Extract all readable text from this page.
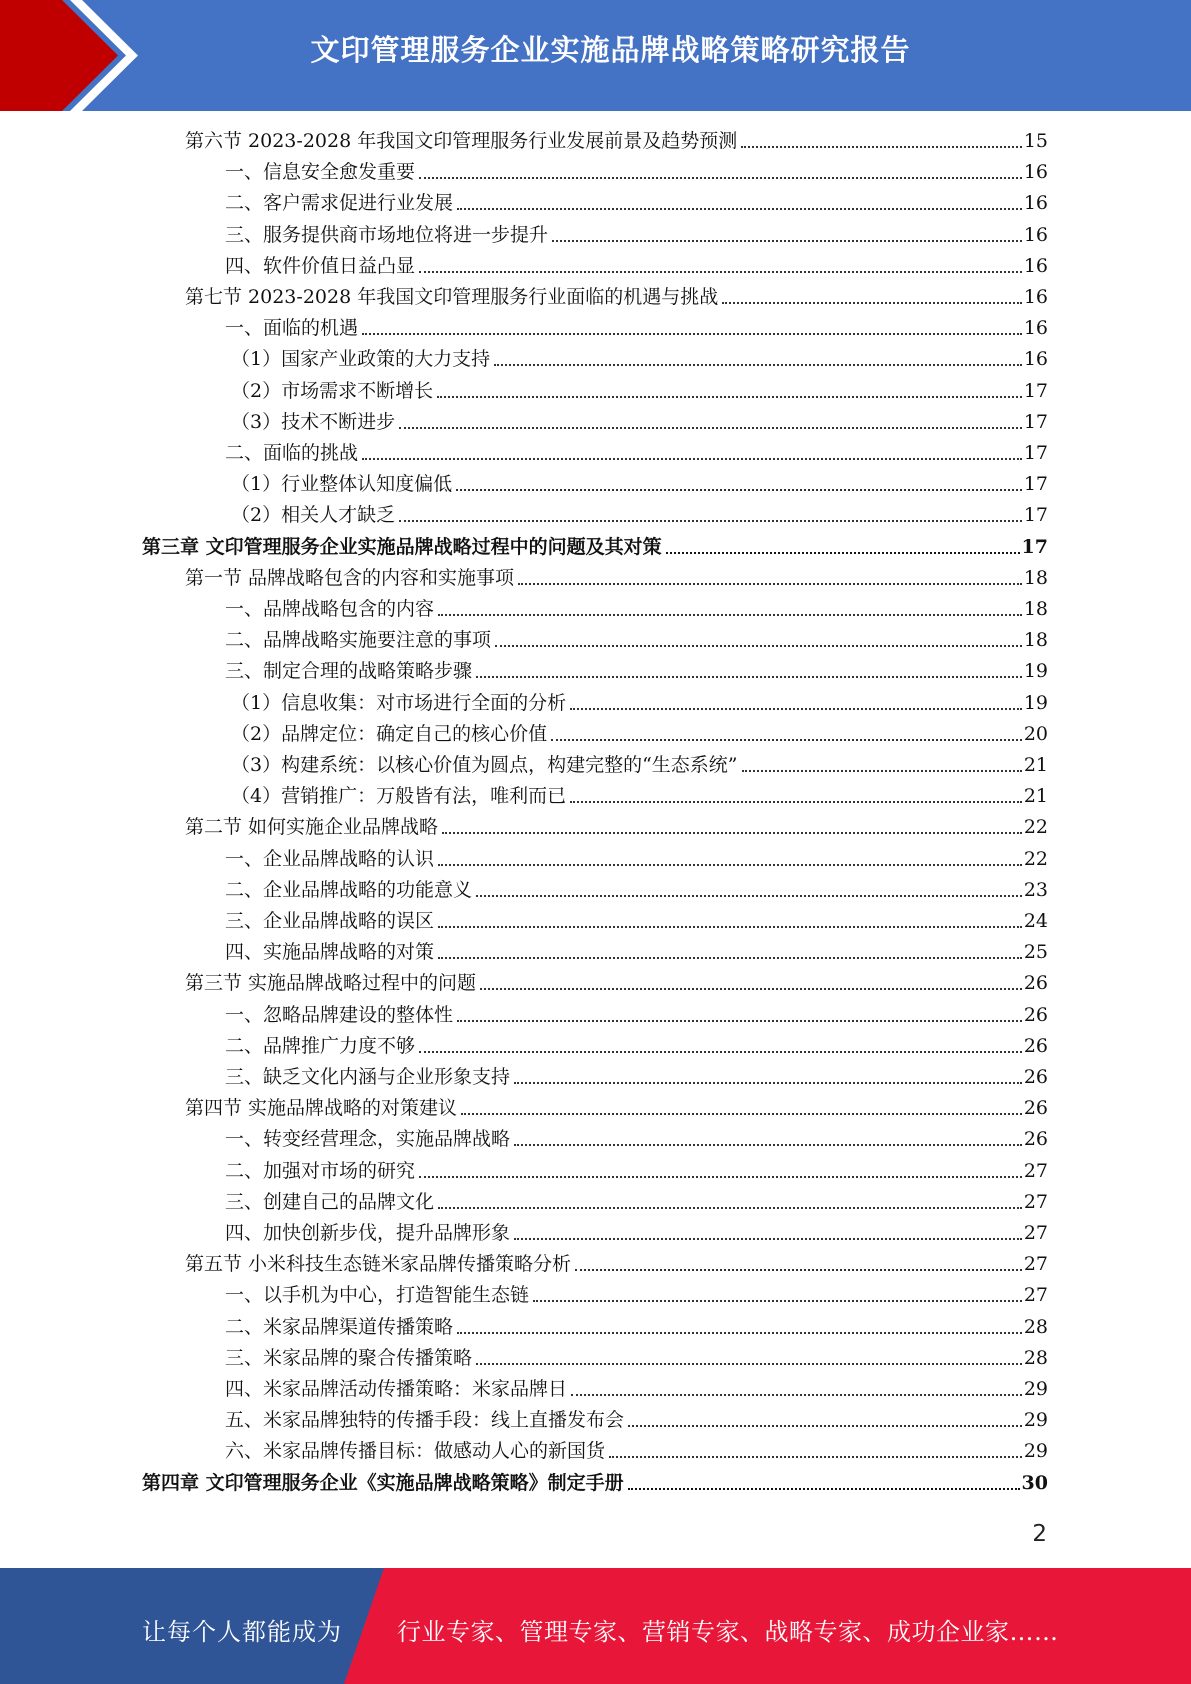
文印管理服务企业实施品牌战略策略研究报告
第六节 2023-2028 年我国文印管理服务行业发展前景及趋势预测	15
一、信息安全愈发重要	16
二、客户需求促进行业发展	16
三、服务提供商市场地位将进一步提升	16
四、软件价值日益凸显	16
第七节 2023-2028 年我国文印管理服务行业面临的机遇与挑战	16
一、面临的机遇	16
（1）国家产业政策的大力支持	16
（2）市场需求不断增长	17
（3）技术不断进步	17
二、面临的挑战	17
（1）行业整体认知度偏低	17
（2）相关人才缺乏	17
第三章 文印管理服务企业实施品牌战略过程中的问题及其对策	17
第一节 品牌战略包含的内容和实施事项	18
一、品牌战略包含的内容	18
二、品牌战略实施要注意的事项	18
三、制定合理的战略策略步骤	19
（1）信息收集：对市场进行全面的分析	19
（2）品牌定位：确定自己的核心价值	20
（3）构建系统：以核心价值为圆点，构建完整的“生态系统”	21
（4）营销推广：万般皆有法，唯利而已	21
第二节 如何实施企业品牌战略	22
一、企业品牌战略的认识	22
二、企业品牌战略的功能意义	23
三、企业品牌战略的误区	24
四、实施品牌战略的对策	25
第三节 实施品牌战略过程中的问题	26
一、忽略品牌建设的整体性	26
二、品牌推广力度不够	26
三、缺乏文化内涵与企业形象支持	26
第四节 实施品牌战略的对策建议	26
一、转变经营理念，实施品牌战略	26
二、加强对市场的研究	27
三、创建自己的品牌文化	27
四、加快创新步伐，提升品牌形象	27
第五节 小米科技生态链米家品牌传播策略分析	27
一、以手机为中心，打造智能生态链	27
二、米家品牌渠道传播策略	28
三、米家品牌的聚合传播策略	28
四、米家品牌活动传播策略：米家品牌日	29
五、米家品牌独特的传播手段：线上直播发布会	29
六、米家品牌传播目标：做感动人心的新国货	29
第四章 文印管理服务企业《实施品牌战略策略》制定手册	30
2
让每个人都能成为 行业专家、管理专家、营销专家、战略专家、成功企业家……
